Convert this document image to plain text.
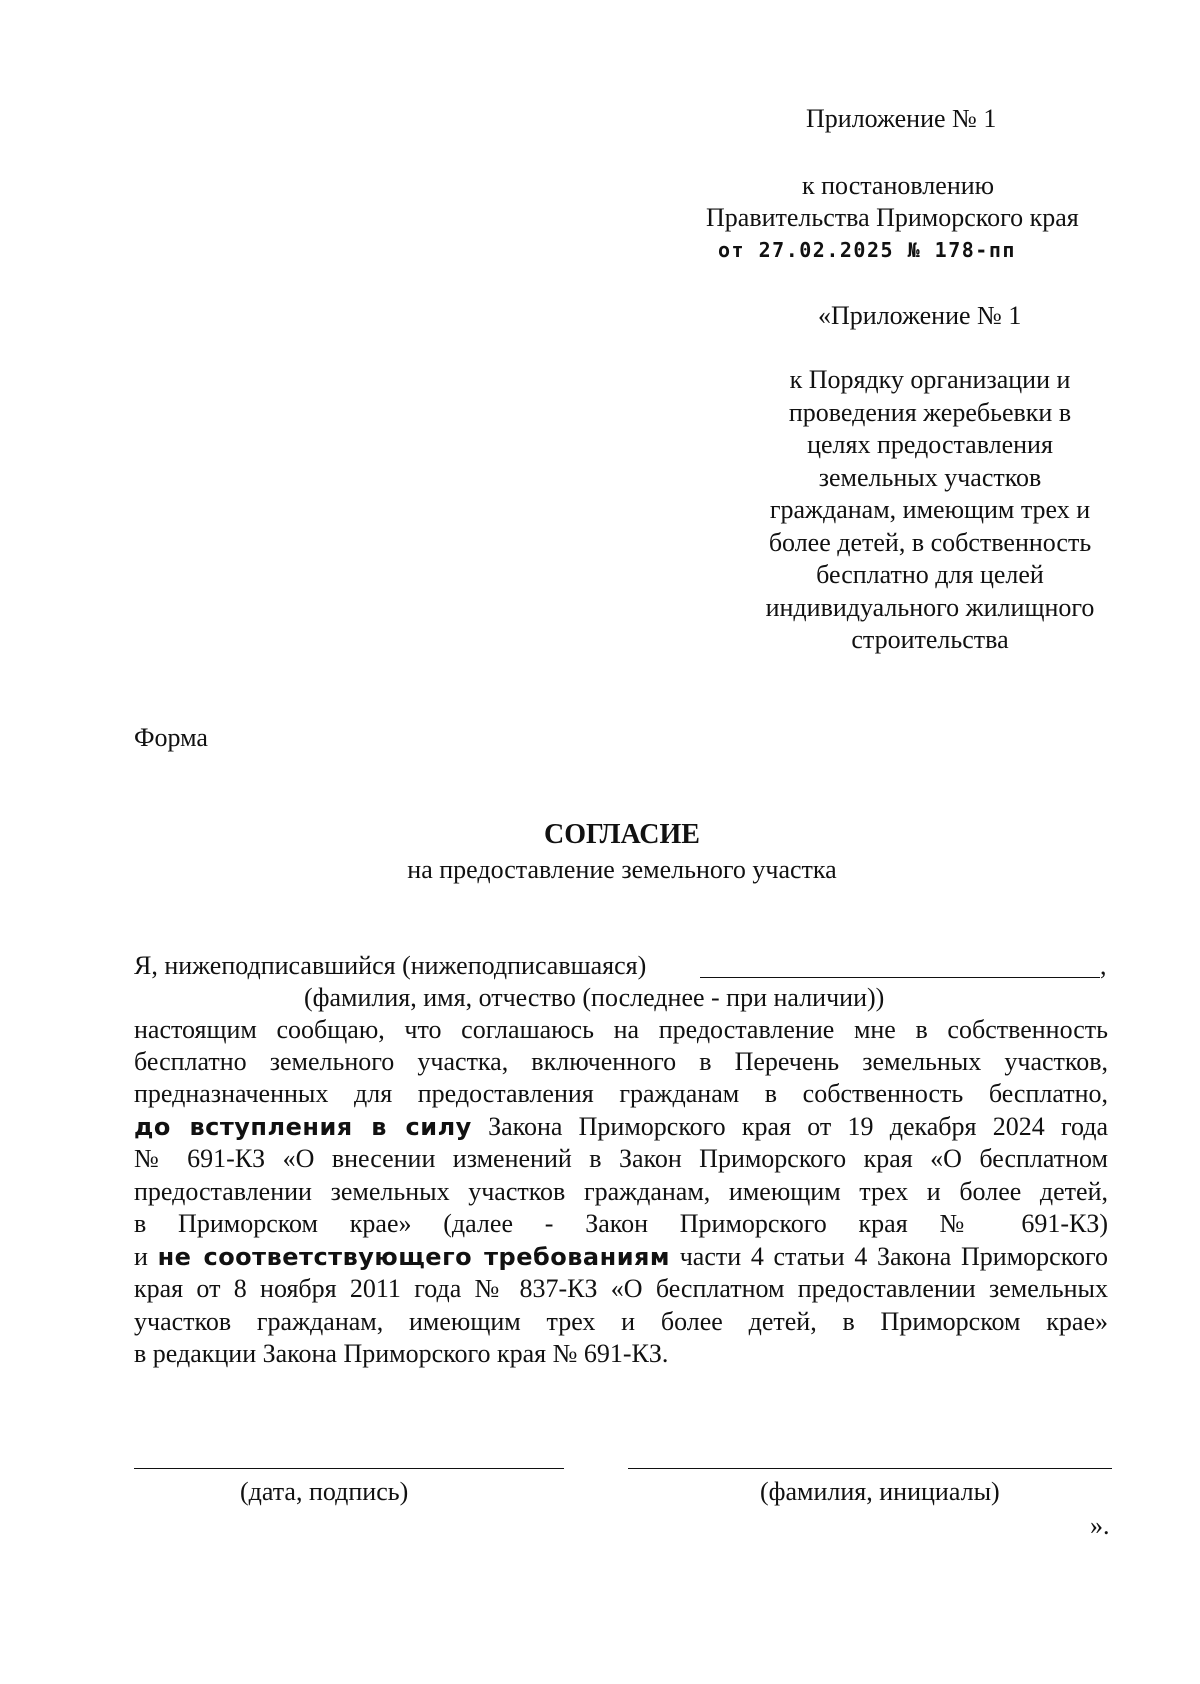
Приложение № 1
к постановлению
Правительства Приморского края
от 27.02.2025 № 178-пп
«Приложение № 1
к Порядку организации и
проведения жеребьевки в
целях предоставления
земельных участков
гражданам, имеющим трех и
более детей, в собственность
бесплатно для целей
индивидуального жилищного
строительства
Форма
СОГЛАСИЕ
на предоставление земельного участка
Я, нижеподписавшийся (нижеподписавшаяся)	,
(фамилия, имя, отчество (последнее - при наличии))
настоящим сообщаю, что соглашаюсь на предоставление мне в собственность
бесплатно земельного участка, включенного в Перечень земельных участков,
предназначенных для предоставления гражданам в собственность бесплатно,
до вступления в силу Закона Приморского края от 19 декабря 2024 года
№ 691-КЗ «О внесении изменений в Закон Приморского края «О бесплатном
предоставлении земельных участков гражданам, имеющим трех и более детей,
в Приморском крае» (далее - Закон Приморского края № 691-КЗ)
и не соответствующего требованиям части 4 статьи 4 Закона Приморского
края от 8 ноября 2011 года № 837-КЗ «О бесплатном предоставлении земельных
участков гражданам, имеющим трех и более детей, в Приморском крае»
в редакции Закона Приморского края № 691-КЗ.
(дата, подпись)	(фамилия, инициалы)
».
